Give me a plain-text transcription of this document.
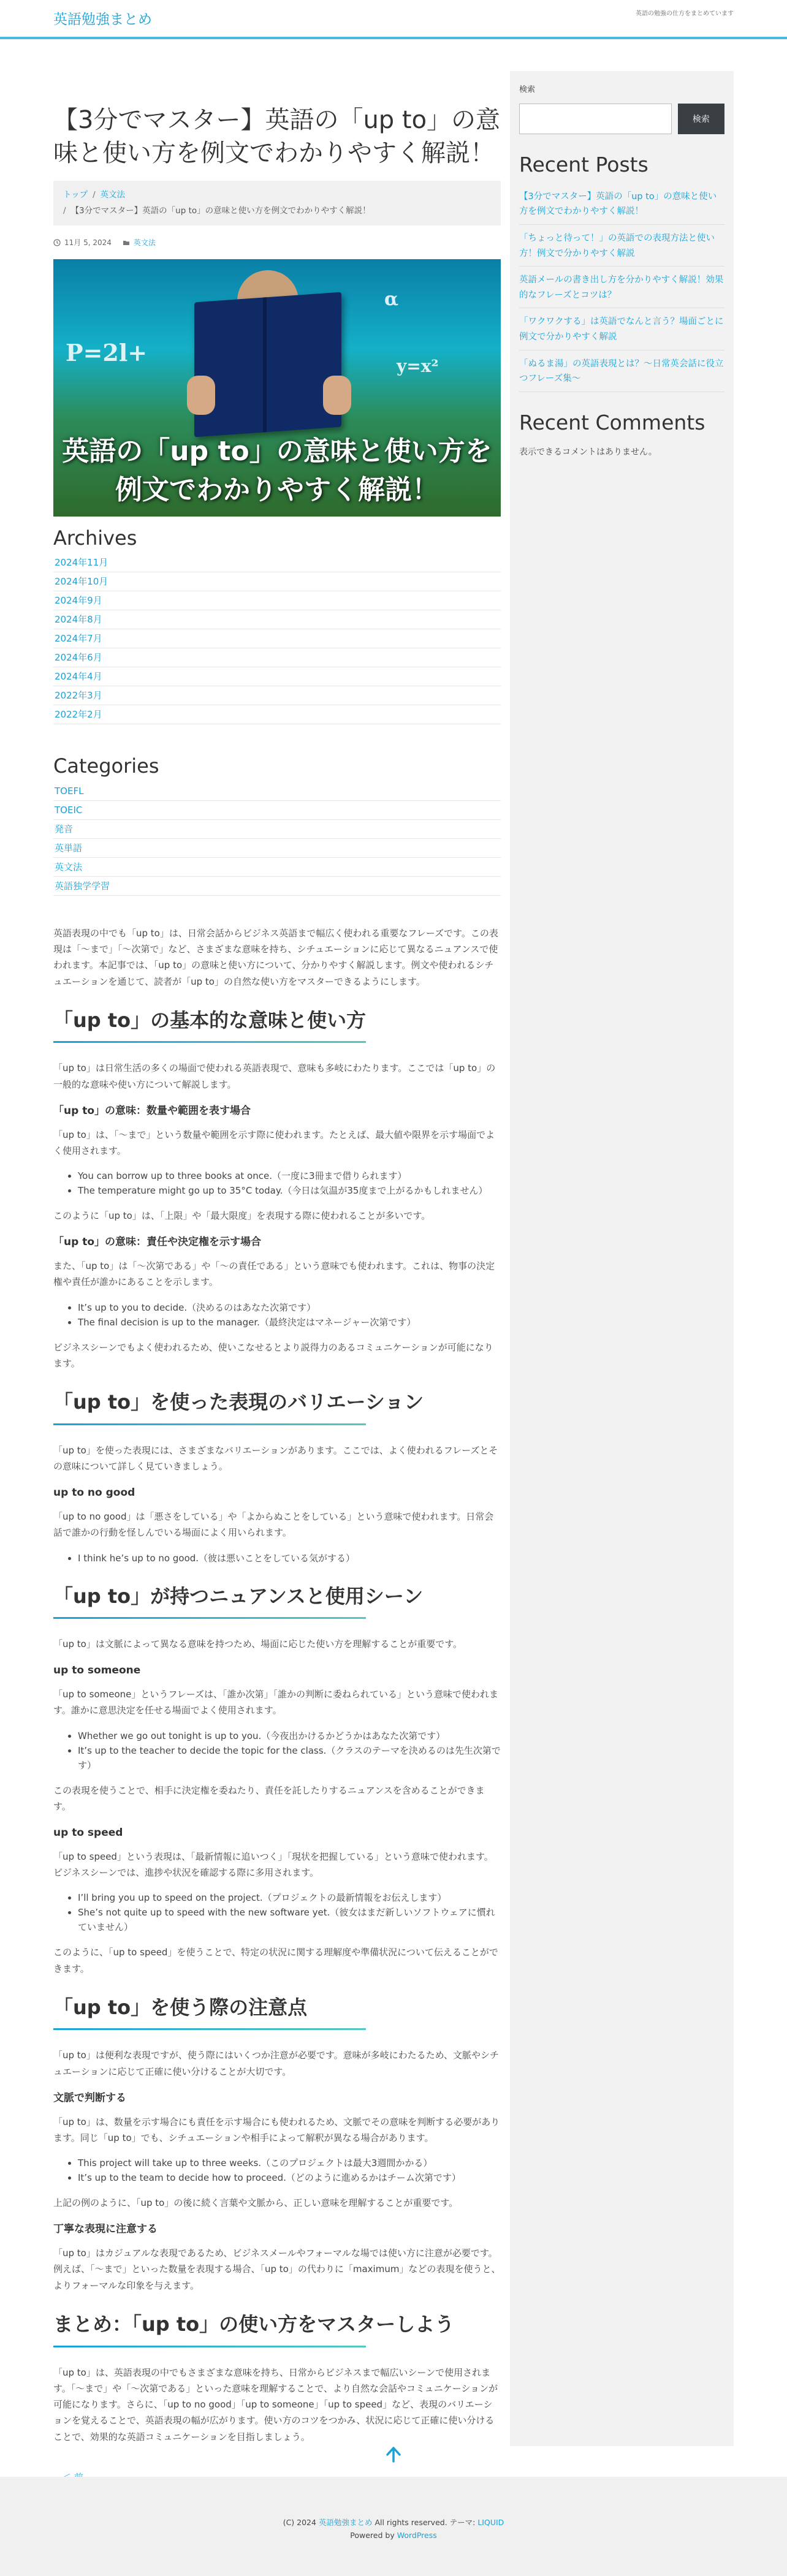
英語勉強まとめ	英語の勉強の仕方をまとめています
【3分でマスター】英語の「up to」の意味と使い方を例文でわかりやすく解説！
トップ / 英文法
/ 【3分でマスター】英語の「up to」の意味と使い方を例文でわかりやすく解説！
11月 5, 2024	英文法
P=2l+
α
y=x²
英語の「up to」の意味と使い方を
例文でわかりやすく解説！
Archives
2024年11月
2024年10月
2024年9月
2024年8月
2024年7月
2024年6月
2024年4月
2022年3月
2022年2月
Categories
TOEFL
TOEIC
発音
英単語
英文法
英語独学学習

英語表現の中でも「up to」は、日常会話からビジネス英語まで幅広く使われる重要なフレーズです。この表現は「〜まで」「〜次第で」など、さまざまな意味を持ち、シチュエーションに応じて異なるニュアンスで使われます。本記事では、「up to」の意味と使い方について、分かりやすく解説します。例文や使われるシチュエーションを通じて、読者が「up to」の自然な使い方をマスターできるようにします。

「up to」の基本的な意味と使い方

「up to」は日常生活の多くの場面で使われる英語表現で、意味も多岐にわたります。ここでは「up to」の一般的な意味や使い方について解説します。

「up to」の意味：数量や範囲を表す場合

「up to」は、「〜まで」という数量や範囲を示す際に使われます。たとえば、最大値や限界を示す場面でよく使用されます。

• You can borrow up to three books at once.（一度に3冊まで借りられます）
• The temperature might go up to 35°C today.（今日は気温が35度まで上がるかもしれません）

このように「up to」は、「上限」や「最大限度」を表現する際に使われることが多いです。

「up to」の意味：責任や決定権を示す場合

また、「up to」は「〜次第である」や「〜の責任である」という意味でも使われます。これは、物事の決定権や責任が誰かにあることを示します。

• It’s up to you to decide.（決めるのはあなた次第です）
• The final decision is up to the manager.（最終決定はマネージャー次第です）

ビジネスシーンでもよく使われるため、使いこなせるとより説得力のあるコミュニケーションが可能になります。

「up to」を使った表現のバリエーション

「up to」を使った表現には、さまざまなバリエーションがあります。ここでは、よく使われるフレーズとその意味について詳しく見ていきましょう。

up to no good

「up to no good」は「悪さをしている」や「よからぬことをしている」という意味で使われます。日常会話で誰かの行動を怪しんでいる場面によく用いられます。

• I think he’s up to no good.（彼は悪いことをしている気がする）
「up to」が持つニュアンスと使用シーン

「up to」は文脈によって異なる意味を持つため、場面に応じた使い方を理解することが重要です。

up to someone

「up to someone」というフレーズは、「誰か次第」「誰かの判断に委ねられている」という意味で使われます。誰かに意思決定を任せる場面でよく使用されます。

• Whether we go out tonight is up to you.（今夜出かけるかどうかはあなた次第です）
• It’s up to the teacher to decide the topic for the class.（クラスのテーマを決めるのは先生次第です）

この表現を使うことで、相手に決定権を委ねたり、責任を託したりするニュアンスを含めることができます。

up to speed

「up to speed」という表現は、「最新情報に追いつく」「現状を把握している」という意味で使われます。ビジネスシーンでは、進捗や状況を確認する際に多用されます。

• I’ll bring you up to speed on the project.（プロジェクトの最新情報をお伝えします）
• She’s not quite up to speed with the new software yet.（彼女はまだ新しいソフトウェアに慣れていません）

このように、「up to speed」を使うことで、特定の状況に関する理解度や準備状況について伝えることができます。

「up to」を使う際の注意点

「up to」は便利な表現ですが、使う際にはいくつか注意が必要です。意味が多岐にわたるため、文脈やシチュエーションに応じて正確に使い分けることが大切です。

文脈で判断する

「up to」は、数量を示す場合にも責任を示す場合にも使われるため、文脈でその意味を判断する必要があります。同じ「up to」でも、シチュエーションや相手によって解釈が異なる場合があります。

• This project will take up to three weeks.（このプロジェクトは最大3週間かかる）
• It’s up to the team to decide how to proceed.（どのように進めるかはチーム次第です）

上記の例のように、「up to」の後に続く言葉や文脈から、正しい意味を理解することが重要です。

丁寧な表現に注意する

「up to」はカジュアルな表現であるため、ビジネスメールやフォーマルな場では使い方に注意が必要です。例えば、「〜まで」といった数量を表現する場合、「up to」の代わりに「maximum」などの表現を使うと、よりフォーマルな印象を与えます。

まとめ：「up to」の使い方をマスターしよう

「up to」は、英語表現の中でもさまざまな意味を持ち、日常からビジネスまで幅広いシーンで使用されます。「〜まで」や「〜次第である」といった意味を理解することで、より自然な会話やコミュニケーションが可能になります。さらに、「up to no good」「up to someone」「up to speed」など、表現のバリエーションを覚えることで、英語表現の幅が広がります。使い方のコツをつかみ、状況に応じて正確に使い分けることで、効果的な英語コミュニケーションを目指しましょう。

検索
検索
Recent Posts
【3分でマスター】英語の「up to」の意味と使い方を例文でわかりやすく解説！
「ちょっと待って！」の英語での表現方法と使い方！例文で分かりやすく解説
英語メールの書き出し方を分かりやすく解説！効果的なフレーズとコツは？
「ワクワクする」は英語でなんと言う？場面ごとに例文で分かりやすく解説
「ぬるま湯」の英語表現とは？〜日常英会話に役立つフレーズ集〜
Recent Comments
表示できるコメントはありません。
(C) 2024 英語勉強まとめ All rights reserved. テーマ: LIQUID
Powered by WordPress
